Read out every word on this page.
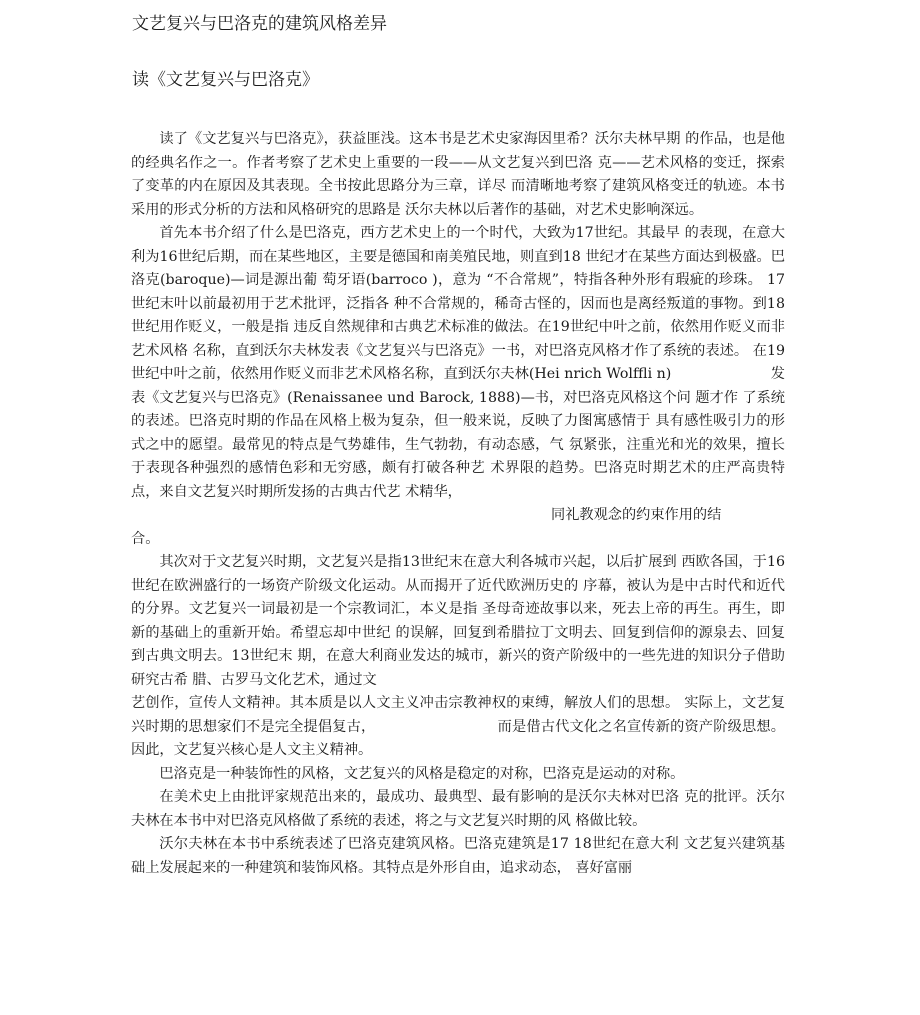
文艺复兴与巴洛克的建筑风格差异
读《文艺复兴与巴洛克》

读了《文艺复兴与巴洛克》，获益匪浅。这本书是艺术史家海因里希？沃尔夫林早期 的作品，也是他的经典名作之一。作者考察了艺术史上重要的一段——从文艺复兴到巴洛 克——艺术风格的变迁，探索了变革的内在原因及其表现。全书按此思路分为三章，详尽 而清晰地考察了建筑风格变迁的轨迹。本书采用的形式分析的方法和风格研究的思路是 沃尔夫林以后著作的基础，对艺术史影响深远。

首先本书介绍了什么是巴洛克，西方艺术史上的一个时代，大致为17世纪。其最早 的表现，在意大利为16世纪后期，而在某些地区，主要是德国和南美殖民地，则直到18 世纪才在某些方面达到极盛。巴洛克(baroque)—词是源出葡 萄牙语(barroco )，意为 “不合常规”，特指各种外形有瑕疵的珍珠。 17世纪末叶以前最初用于艺术批评，泛指各 种不合常规的，稀奇古怪的，因而也是离经叛道的事物。到18世纪用作贬义，一般是指 违反自然规律和古典艺术标准的做法。在19世纪中叶之前，依然用作贬义而非艺术风格 名称，直到沃尔夫林发表《文艺复兴与巴洛克》一书，对巴洛克风格才作了系统的表述。 在19世纪中叶之前，依然用作贬义而非艺术风格名称，直到沃尔夫林(Hei nrich Wolffli n)　　　　　　　发表《文艺复兴与巴洛克》(Renaissanee und Barock, 1888)—书，对巴洛克风格这个问 题才作 了系统的表述。巴洛克时期的作品在风格上极为复杂，但一般来说，反映了力图寓感情于 具有感性吸引力的形式之中的愿望。最常见的特点是气势雄伟，生气勃勃，有动态感，气 氛紧张，注重光和光的效果，擅长于表现各种强烈的感情色彩和无穷感，颇有打破各种艺 术界限的趋势。巴洛克时期艺术的庄严高贵特点，来自文艺复兴时期所发扬的古典古代艺 术精华，

同礼教观念的约束作用的结

合。

其次对于文艺复兴时期，文艺复兴是指13世纪末在意大利各城市兴起，以后扩展到 西欧各国，于16世纪在欧洲盛行的一场资产阶级文化运动。从而揭开了近代欧洲历史的 序幕，被认为是中古时代和近代的分界。文艺复兴一词最初是一个宗教词汇，本义是指 圣母奇迹故事以来，死去上帝的再生。再生，即新的基础上的重新开始。希望忘却中世纪 的误解，回复到希腊拉丁文明去、回复到信仰的源泉去、回复到古典文明去。13世纪末 期，在意大利商业发达的城市，新兴的资产阶级中的一些先进的知识分子借助研究古希 腊、古罗马文化艺术，通过文

艺创作，宣传人文精神。其本质是以人文主义冲击宗教神权的束缚，解放人们的思想。 实际上，文艺复兴时期的思想家们不是完全提倡复古，　　　　　　　　　而是借古代文化之名宣传新的资产阶级思想。因此，文艺复兴核心是人文主义精神。

巴洛克是一种装饰性的风格，文艺复兴的风格是稳定的对称，巴洛克是运动的对称。

在美术史上由批评家规范出来的，最成功、最典型、最有影响的是沃尔夫林对巴洛 克的批评。沃尔夫林在本书中对巴洛克风格做了系统的表述，将之与文艺复兴时期的风 格做比较。

沃尔夫林在本书中系统表述了巴洛克建筑风格。巴洛克建筑是17 18世纪在意大利 文艺复兴建筑基础上发展起来的一种建筑和装饰风格。其特点是外形自由，追求动态， 喜好富丽
